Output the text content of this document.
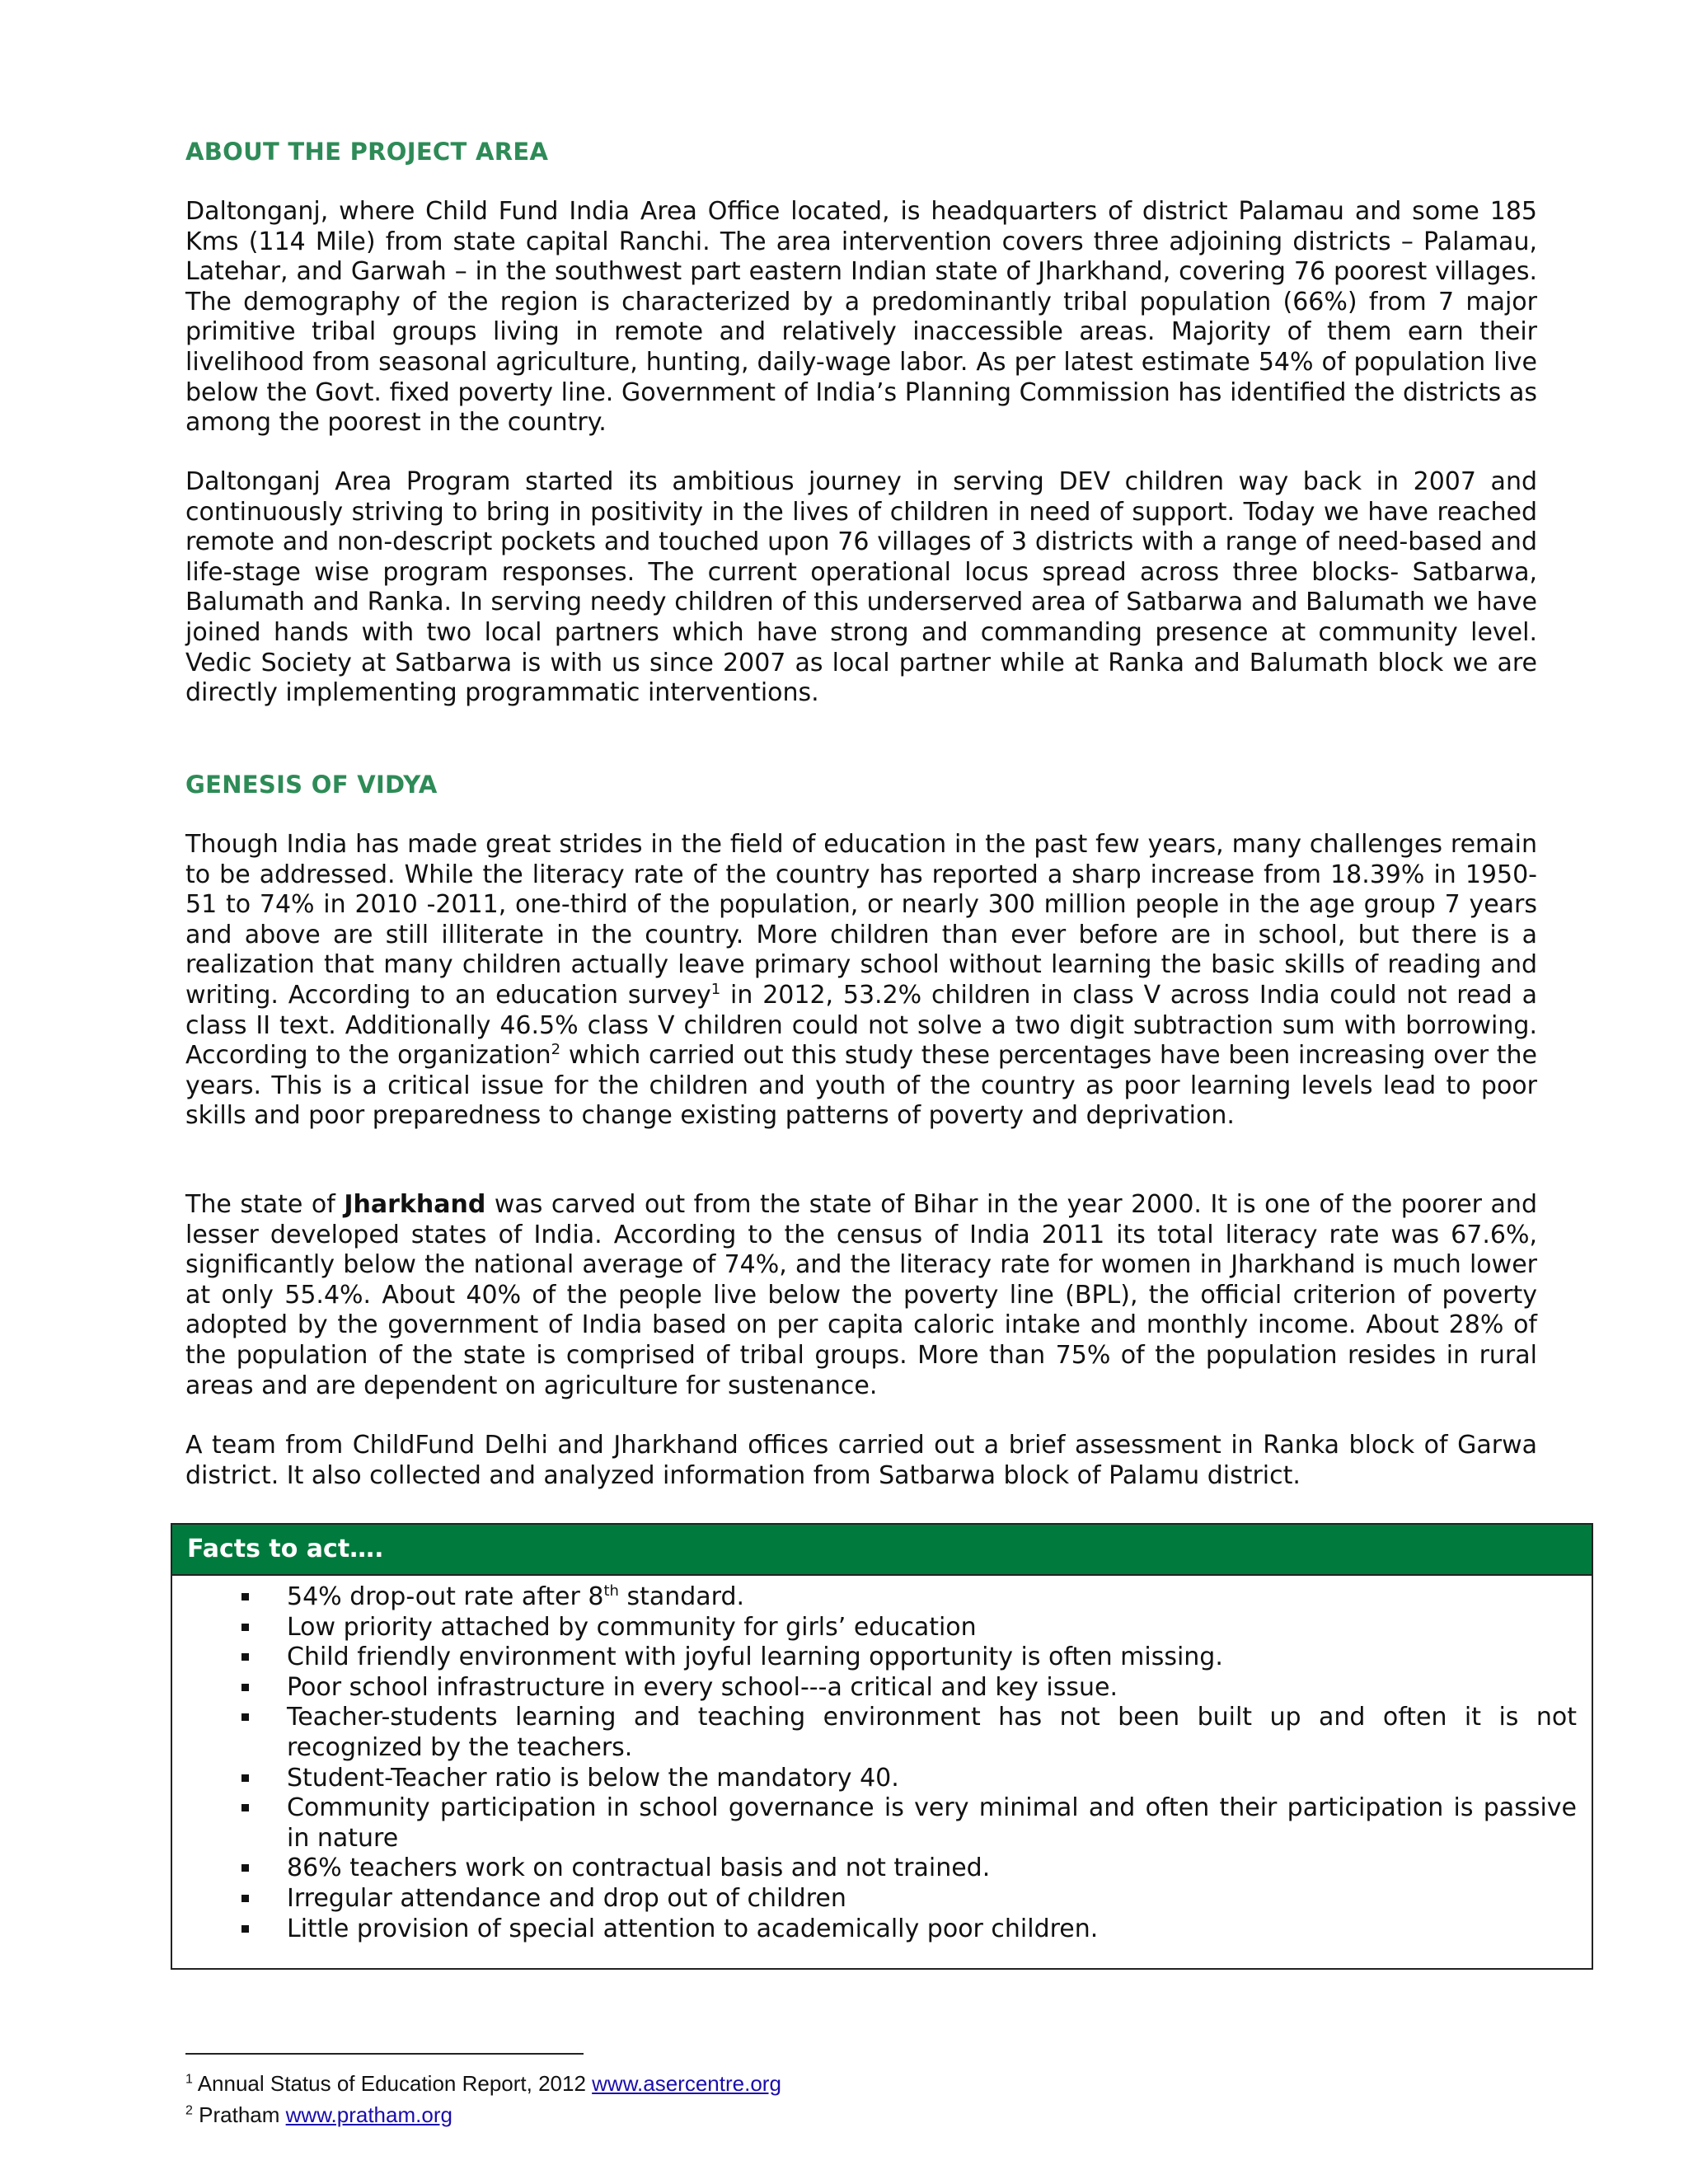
ABOUT THE PROJECT AREA

Daltonganj, where Child Fund India Area Office located, is headquarters of district Palamau and some 185 Kms (114 Mile) from state capital Ranchi. The area intervention covers three adjoining districts – Palamau, Latehar, and Garwah – in the southwest part eastern Indian state of Jharkhand, covering 76 poorest villages. The demography of the region is characterized by a predominantly tribal population (66%) from 7 major primitive tribal groups living in remote and relatively inaccessible areas. Majority of them earn their livelihood from seasonal agriculture, hunting, daily-wage labor. As per latest estimate 54% of population live below the Govt. fixed poverty line. Government of India’s Planning Commission has identified the districts as among the poorest in the country.

Daltonganj Area Program started its ambitious journey in serving DEV children way back in 2007 and continuously striving to bring in positivity in the lives of children in need of support. Today we have reached remote and non-descript pockets and touched upon 76 villages of 3 districts with a range of need-based and life-stage wise program responses. The current operational locus spread across three blocks- Satbarwa, Balumath and Ranka. In serving needy children of this underserved area of Satbarwa and Balumath we have joined hands with two local partners which have strong and commanding presence at community level. Vedic Society at Satbarwa is with us since 2007 as local partner while at Ranka and Balumath block we are directly implementing programmatic interventions.

GENESIS OF VIDYA

Though India has made great strides in the field of education in the past few years, many challenges remain to be addressed. While the literacy rate of the country has reported a sharp increase from 18.39% in 1950-51 to 74% in 2010 -2011, one-third of the population, or nearly 300 million people in the age group 7 years and above are still illiterate in the country. More children than ever before are in school, but there is a realization that many children actually leave primary school without learning the basic skills of reading and writing. According to an education survey$^1$ in 2012, 53.2% children in class V across India could not read a class II text. Additionally 46.5% class V children could not solve a two digit subtraction sum with borrowing. According to the organization$^2$ which carried out this study these percentages have been increasing over the years. This is a critical issue for the children and youth of the country as poor learning levels lead to poor skills and poor preparedness to change existing patterns of poverty and deprivation.

The state of Jharkhand was carved out from the state of Bihar in the year 2000. It is one of the poorer and lesser developed states of India. According to the census of India 2011 its total literacy rate was 67.6%, significantly below the national average of 74%, and the literacy rate for women in Jharkhand is much lower at only 55.4%. About 40% of the people live below the poverty line (BPL), the official criterion of poverty adopted by the government of India based on per capita caloric intake and monthly income. About 28% of the population of the state is comprised of tribal groups. More than 75% of the population resides in rural areas and are dependent on agriculture for sustenance.

A team from ChildFund Delhi and Jharkhand offices carried out a brief assessment in Ranka block of Garwa district. It also collected and analyzed information from Satbarwa block of Palamu district.

Facts to act….
54% drop-out rate after 8th standard.
Low priority attached by community for girls’ education
Child friendly environment with joyful learning opportunity is often missing.
Poor school infrastructure in every school---a critical and key issue.
Teacher-students learning and teaching environment has not been built up and often it is not recognized by the teachers.
Student-Teacher ratio is below the mandatory 40.
Community participation in school governance is very minimal and often their participation is passive in nature
86% teachers work on contractual basis and not trained.
Irregular attendance and drop out of children
Little provision of special attention to academically poor children.
$^1$ Annual Status of Education Report, 2012 www.asercentre.org
$^2$ Pratham www.pratham.org
